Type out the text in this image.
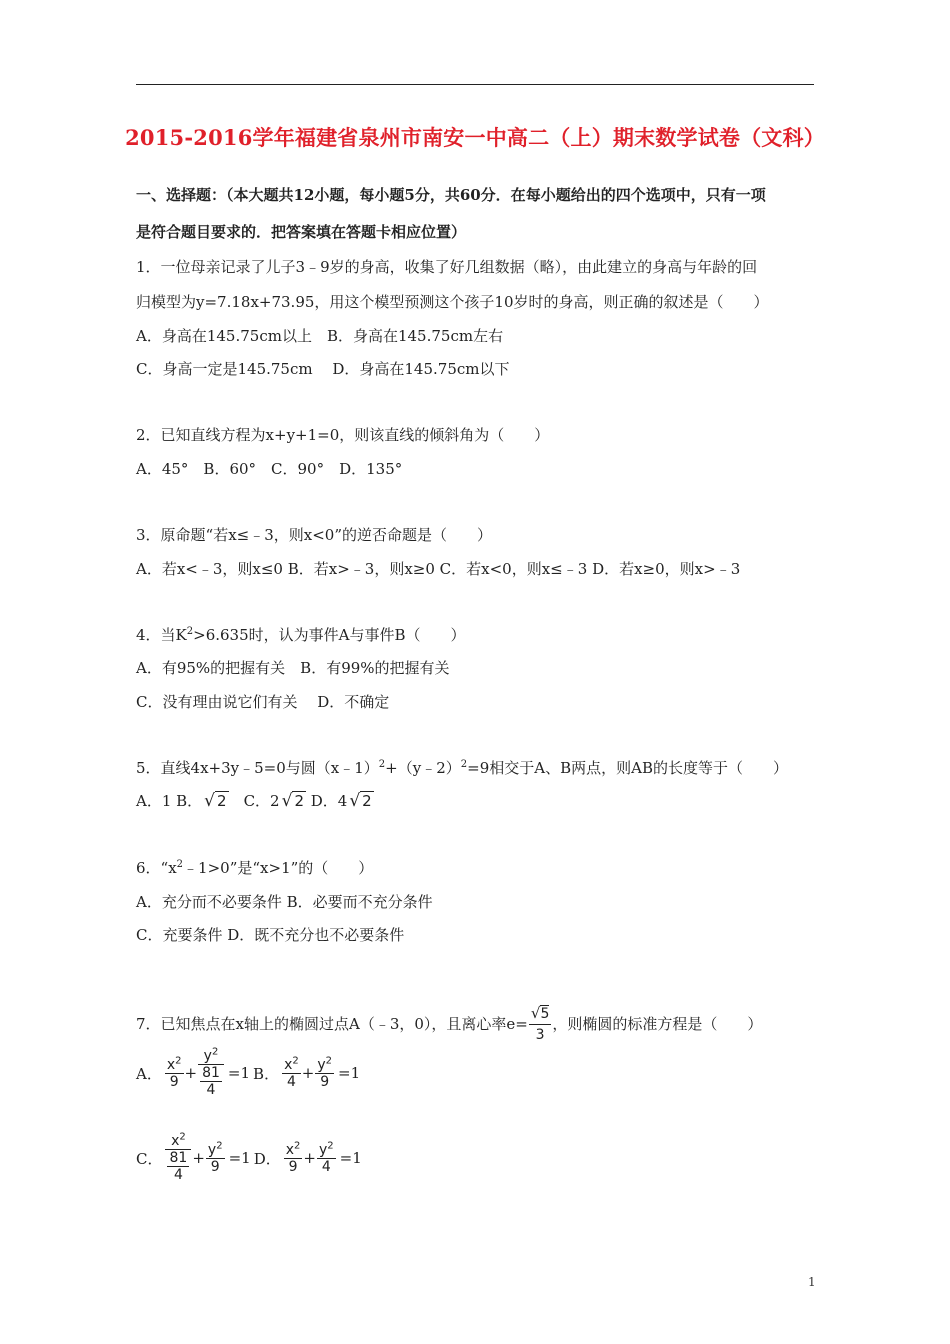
2015-2016学年福建省泉州市南安一中高二（上）期末数学试卷（文科）
一、选择题：（本大题共12小题，每小题5分，共60分．在每小题给出的四个选项中，只有一项
是符合题目要求的．把答案填在答题卡相应位置）
1．一位母亲记录了儿子3﹣9岁的身高，收集了好几组数据（略），由此建立的身高与年龄的回
归模型为y=7.18x+73.95，用这个模型预测这个孩子10岁时的身高，则正确的叙述是（　　）
A．身高在145.75cm以上　B．身高在145.75cm左右
C．身高一定是145.75cm　 D．身高在145.75cm以下
2．已知直线方程为x+y+1=0，则该直线的倾斜角为（　　）
A．45°　B．60°　C．90°　D．135°
3．原命题“若x≤﹣3，则x<0”的逆否命题是（　　）
A．若x<﹣3，则x≤0 B．若x>﹣3，则x≥0 C．若x<0，则x≤﹣3 D．若x≥0，则x>﹣3
4．当$K^2>6.635$时，认为事件A与事件B（　　）
A．有95%的把握有关　B．有99%的把握有关
C．没有理由说它们有关　 D．不确定
5．直线4x+3y﹣5=0与圆（x﹣1）$^2$+（y﹣2）$^2$=9相交于A、B两点，则AB的长度等于（　　）
A．1 B． √ 2　C．2 √ 2 D．4 √ 2
6．“$x^2﹣1>0$”是“x>1”的（　　）
A．充分而不必要条件 B．必要而不充分条件
C．充要条件 D．既不充分也不必要条件
7．已知焦点在x轴上的椭圆过点A（﹣3，0），且离心率$e= \frac{√5}{3}$ ，则椭圆的标准方程是（　　）
A． $\frac{x^2}{9} + \frac{y^2}{\frac{81}{4}} =1$ B． $\frac{x^2}{4} + \frac{y^2}{9} =1$
C． $\frac{x^2}{\frac{81}{4}} + \frac{y^2}{9} =1$ D． $\frac{x^2}{9} + \frac{y^2}{4} =1$
1
